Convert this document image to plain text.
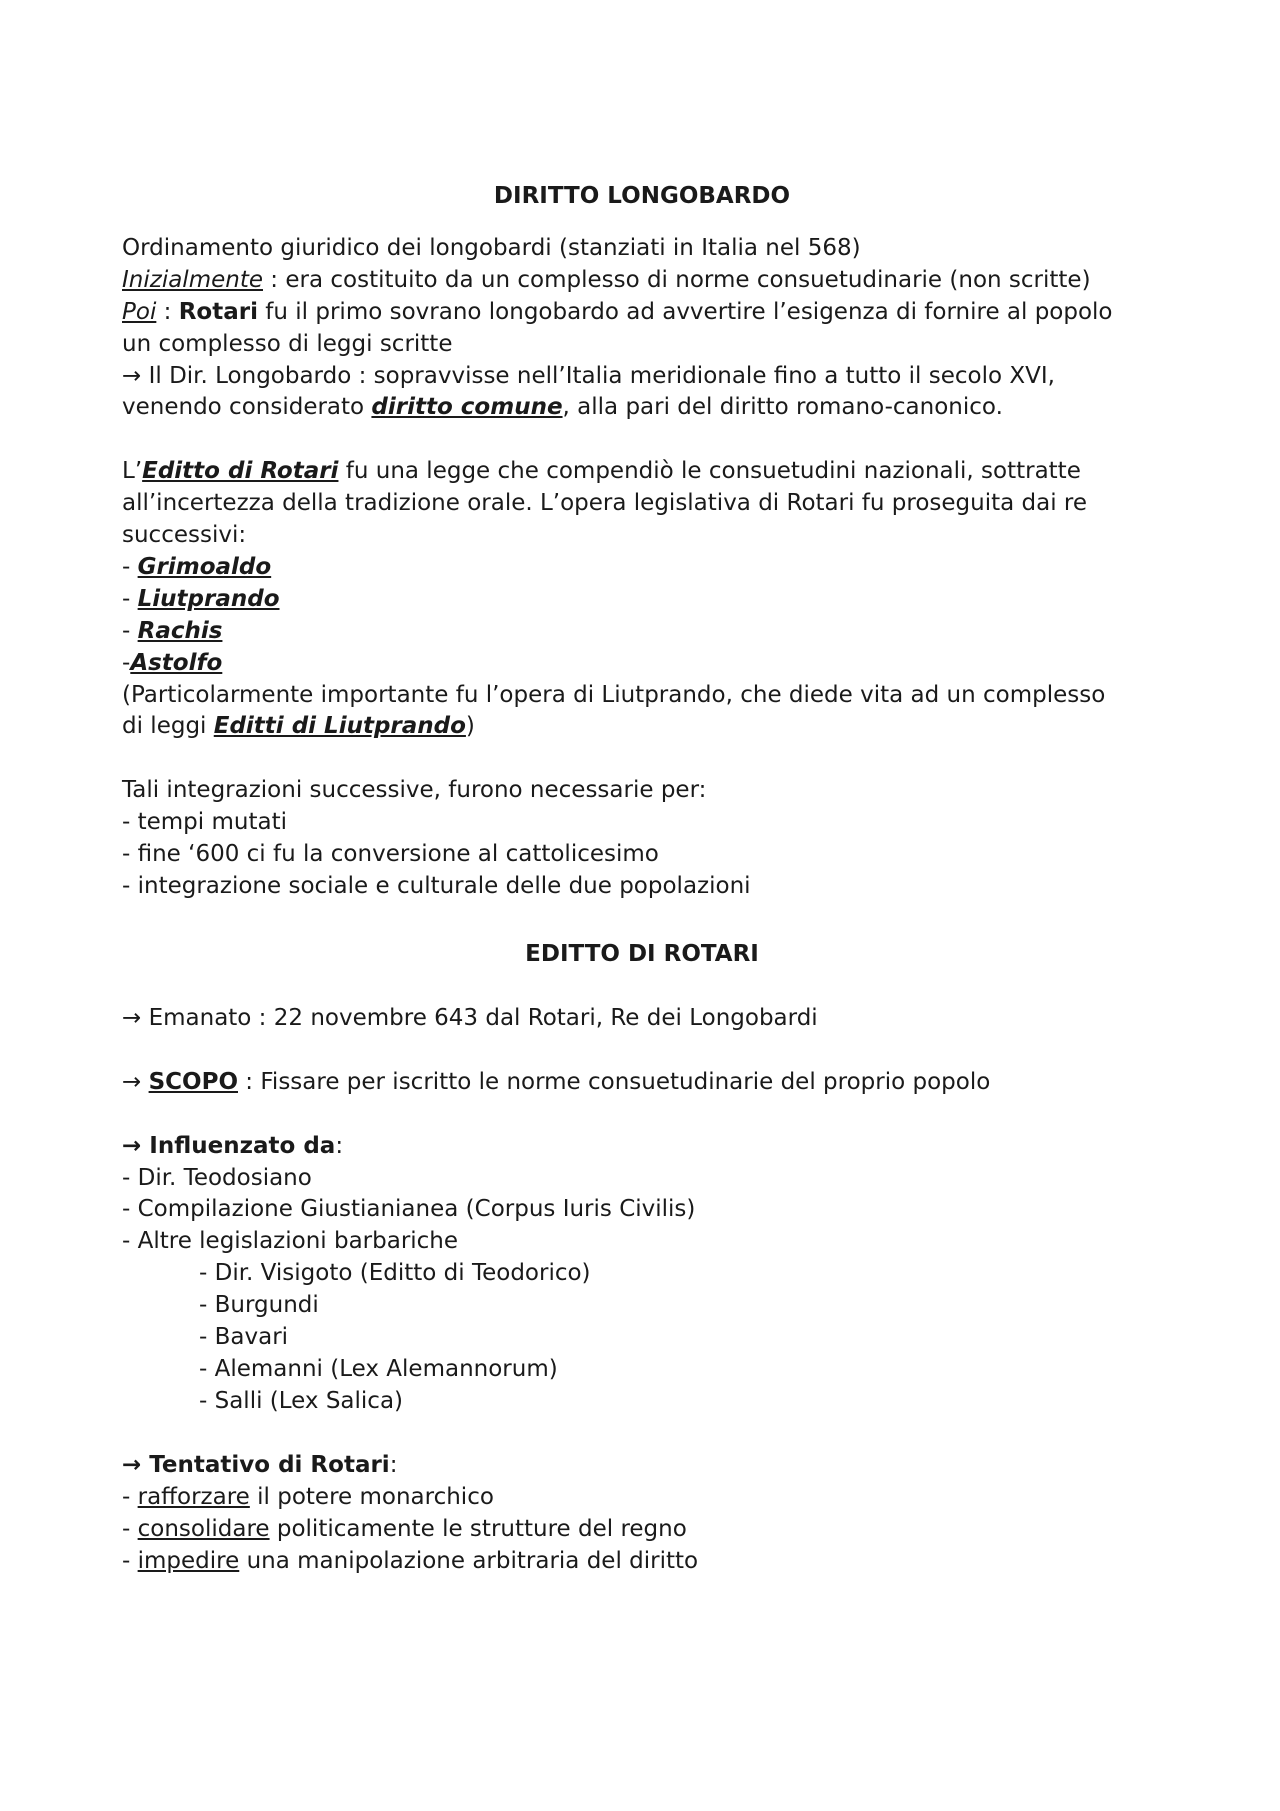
DIRITTO LONGOBARDO

Ordinamento giuridico dei longobardi (stanziati in Italia nel 568)

Inizialmente : era costituito da un complesso di norme consuetudinarie (non scritte)

Poi : Rotari fu il primo sovrano longobardo ad avvertire l’esigenza di fornire al popolo

un complesso di leggi scritte

→ Il Dir. Longobardo : sopravvisse nell’Italia meridionale fino a tutto il secolo XVI,

venendo considerato diritto comune, alla pari del diritto romano-canonico.

L’Editto di Rotari fu una legge che compendiò le consuetudini nazionali, sottratte

all’incertezza della tradizione orale. L’opera legislativa di Rotari fu proseguita dai re

successivi:

- Grimoaldo

- Liutprando

- Rachis

-Astolfo

(Particolarmente importante fu l’opera di Liutprando, che diede vita ad un complesso

di leggi Editti di Liutprando)

Tali integrazioni successive, furono necessarie per:

- tempi mutati

- fine ‘600 ci fu la conversione al cattolicesimo

- integrazione sociale e culturale delle due popolazioni

EDITTO DI ROTARI

→ Emanato : 22 novembre 643 dal Rotari, Re dei Longobardi

→ SCOPO : Fissare per iscritto le norme consuetudinarie del proprio popolo

→ Influenzato da:

- Dir. Teodosiano

- Compilazione Giustianianea (Corpus Iuris Civilis)

- Altre legislazioni barbariche

- Dir. Visigoto (Editto di Teodorico)

- Burgundi

- Bavari

- Alemanni (Lex Alemannorum)

- Salli (Lex Salica)

→ Tentativo di Rotari:

- rafforzare il potere monarchico

- consolidare politicamente le strutture del regno

- impedire una manipolazione arbitraria del diritto
